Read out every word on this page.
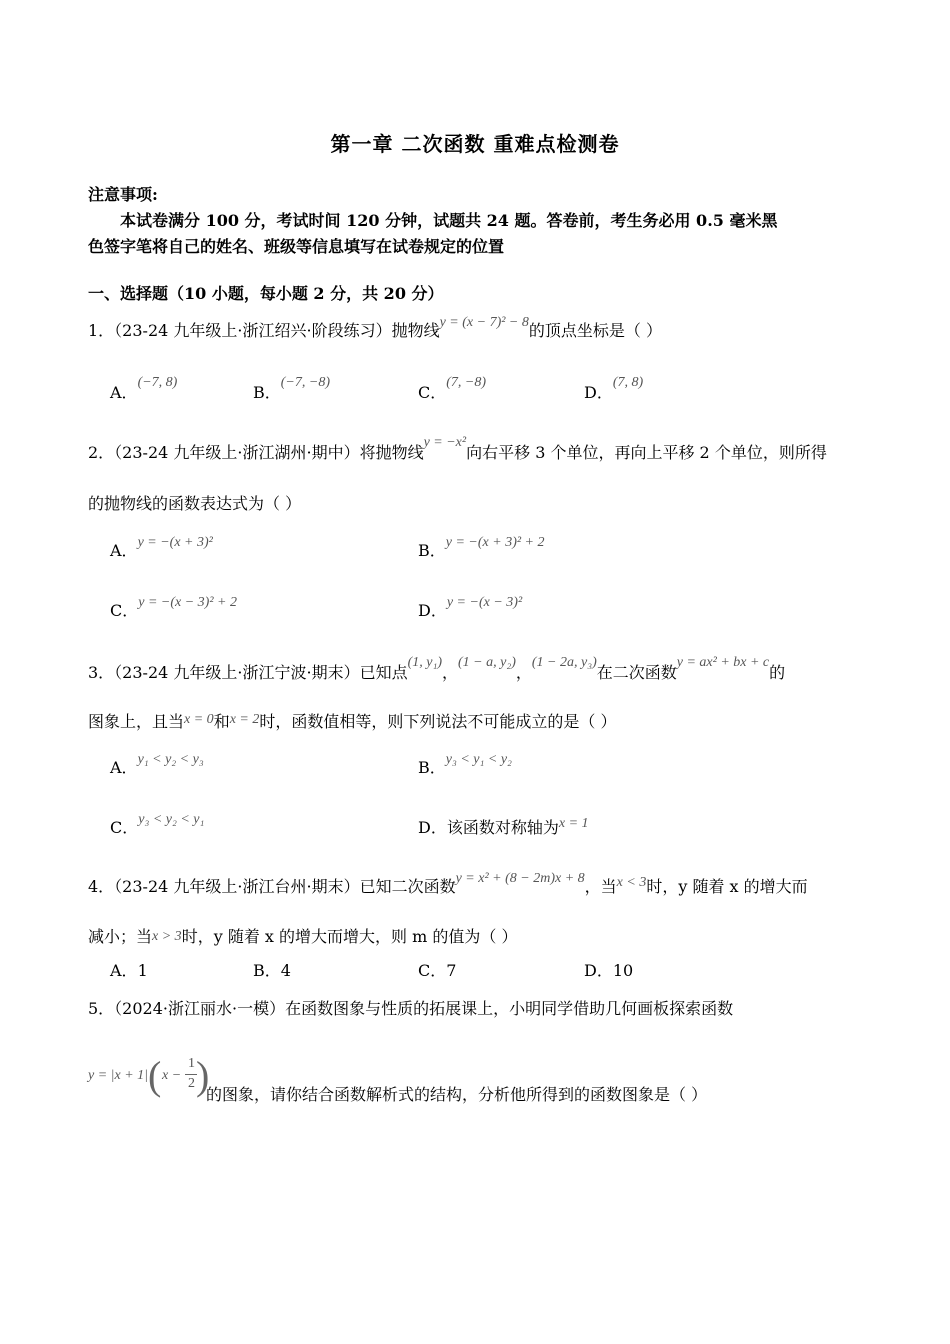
第一章 二次函数 重难点检测卷
注意事项:
本试卷满分 100 分，考试时间 120 分钟，试题共 24 题。答卷前，考生务必用 0.5 毫米黑
色签字笔将自己的姓名、班级等信息填写在试卷规定的位置
一、选择题（10 小题，每小题 2 分，共 20 分）
1．（23-24 九年级上·浙江绍兴·阶段练习）抛物线y = (x − 7)² − 8的顶点坐标是（ ）
A．(−7, 8)
B．(−7, −8)
C．(7, −8)
D．(7, 8)
2．（23-24 九年级上·浙江湖州·期中）将抛物线y = −x²向右平移 3 个单位，再向上平移 2 个单位，则所得
的抛物线的函数表达式为（ ）
A．y = −(x + 3)²	B．y = −(x + 3)² + 2
C．y = −(x − 3)² + 2	D．y = −(x − 3)²
3．（23-24 九年级上·浙江宁波·期末）已知点(1, y₁)，(1 − a, y₂)，(1 − 2a, y₃)在二次函数y = ax² + bx + c的
图象上，且当x = 0和x = 2时，函数值相等，则下列说法不可能成立的是（ ）
A．y₁ < y₂ < y₃	B．y₃ < y₁ < y₂
C．y₃ < y₂ < y₁	D．该函数对称轴为x = 1
4．（23-24 九年级上·浙江台州·期末）已知二次函数y = x² + (8 − 2m)x + 8，当x < 3时，y 随着 x 的增大而
减小；当x > 3时，y 随着 x 的增大而增大，则 m 的值为（ ）
A．1	B．4	C．7	D．10
5．（2024·浙江丽水·一模）在函数图象与性质的拓展课上，小明同学借助几何画板探索函数
y = |x + 1| ( x −
1
2 )
的图象，请你结合函数解析式的结构，分析他所得到的函数图象是（ ）
